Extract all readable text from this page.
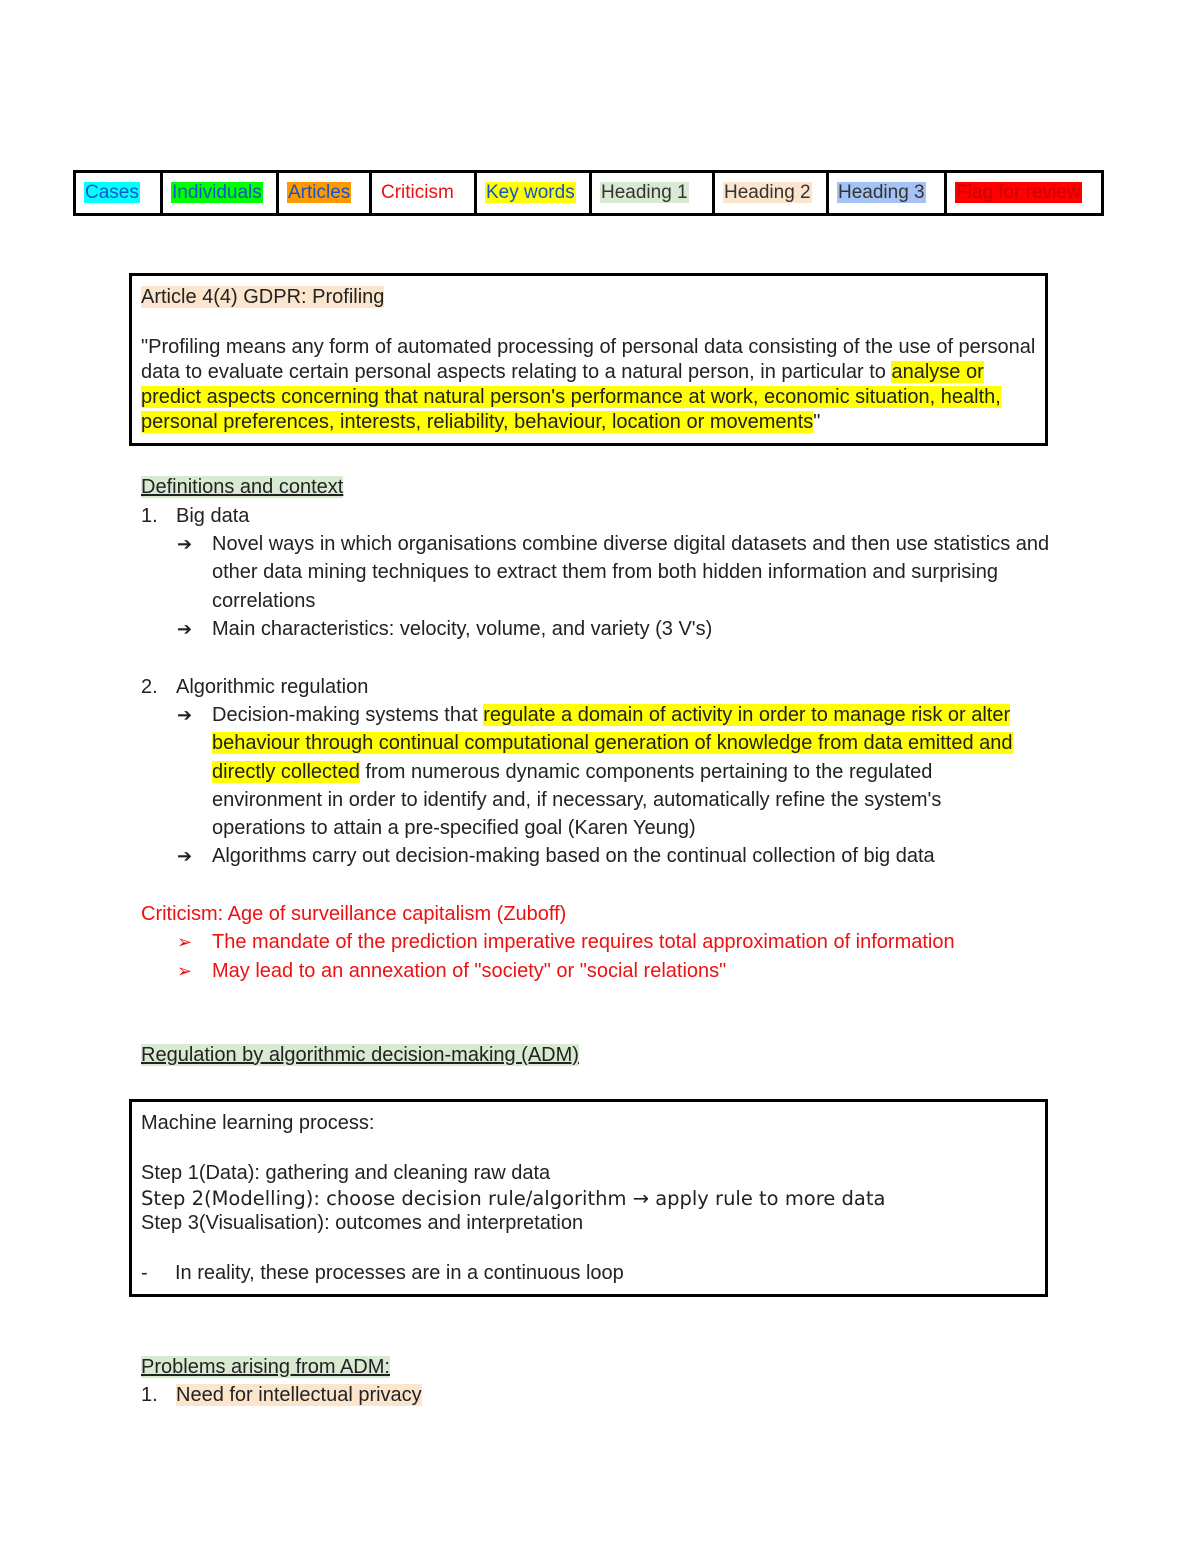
Cases	Individuals	Articles	Criticism	Key words	Heading 1	Heading 2	Heading 3	Flag for review
Article 4(4) GDPR: Profiling
"Profiling means any form of automated processing of personal data consisting of the use of personal data to evaluate certain personal aspects relating to a natural person, in particular to analyse or predict aspects concerning that natural person's performance at work, economic situation, health, personal preferences, interests, reliability, behaviour, location or movements"
Definitions and context
1. Big data
➔ Novel ways in which organisations combine diverse digital datasets and then use statistics and other data mining techniques to extract them from both hidden information and surprising correlations
➔ Main characteristics: velocity, volume, and variety (3 V's)
2. Algorithmic regulation
➔ Decision-making systems that regulate a domain of activity in order to manage risk or alter behaviour through continual computational generation of knowledge from data emitted and directly collected from numerous dynamic components pertaining to the regulated environment in order to identify and, if necessary, automatically refine the system's operations to attain a pre-specified goal (Karen Yeung)
➔ Algorithms carry out decision-making based on the continual collection of big data
Criticism: Age of surveillance capitalism (Zuboff)
➢ The mandate of the prediction imperative requires total approximation of information
➢ May lead to an annexation of "society" or "social relations"
Regulation by algorithmic decision-making (ADM)
Machine learning process:
Step 1(Data): gathering and cleaning raw data
Step 2(Modelling): choose decision rule/algorithm → apply rule to more data
Step 3(Visualisation): outcomes and interpretation
- In reality, these processes are in a continuous loop
Problems arising from ADM:
1. Need for intellectual privacy
